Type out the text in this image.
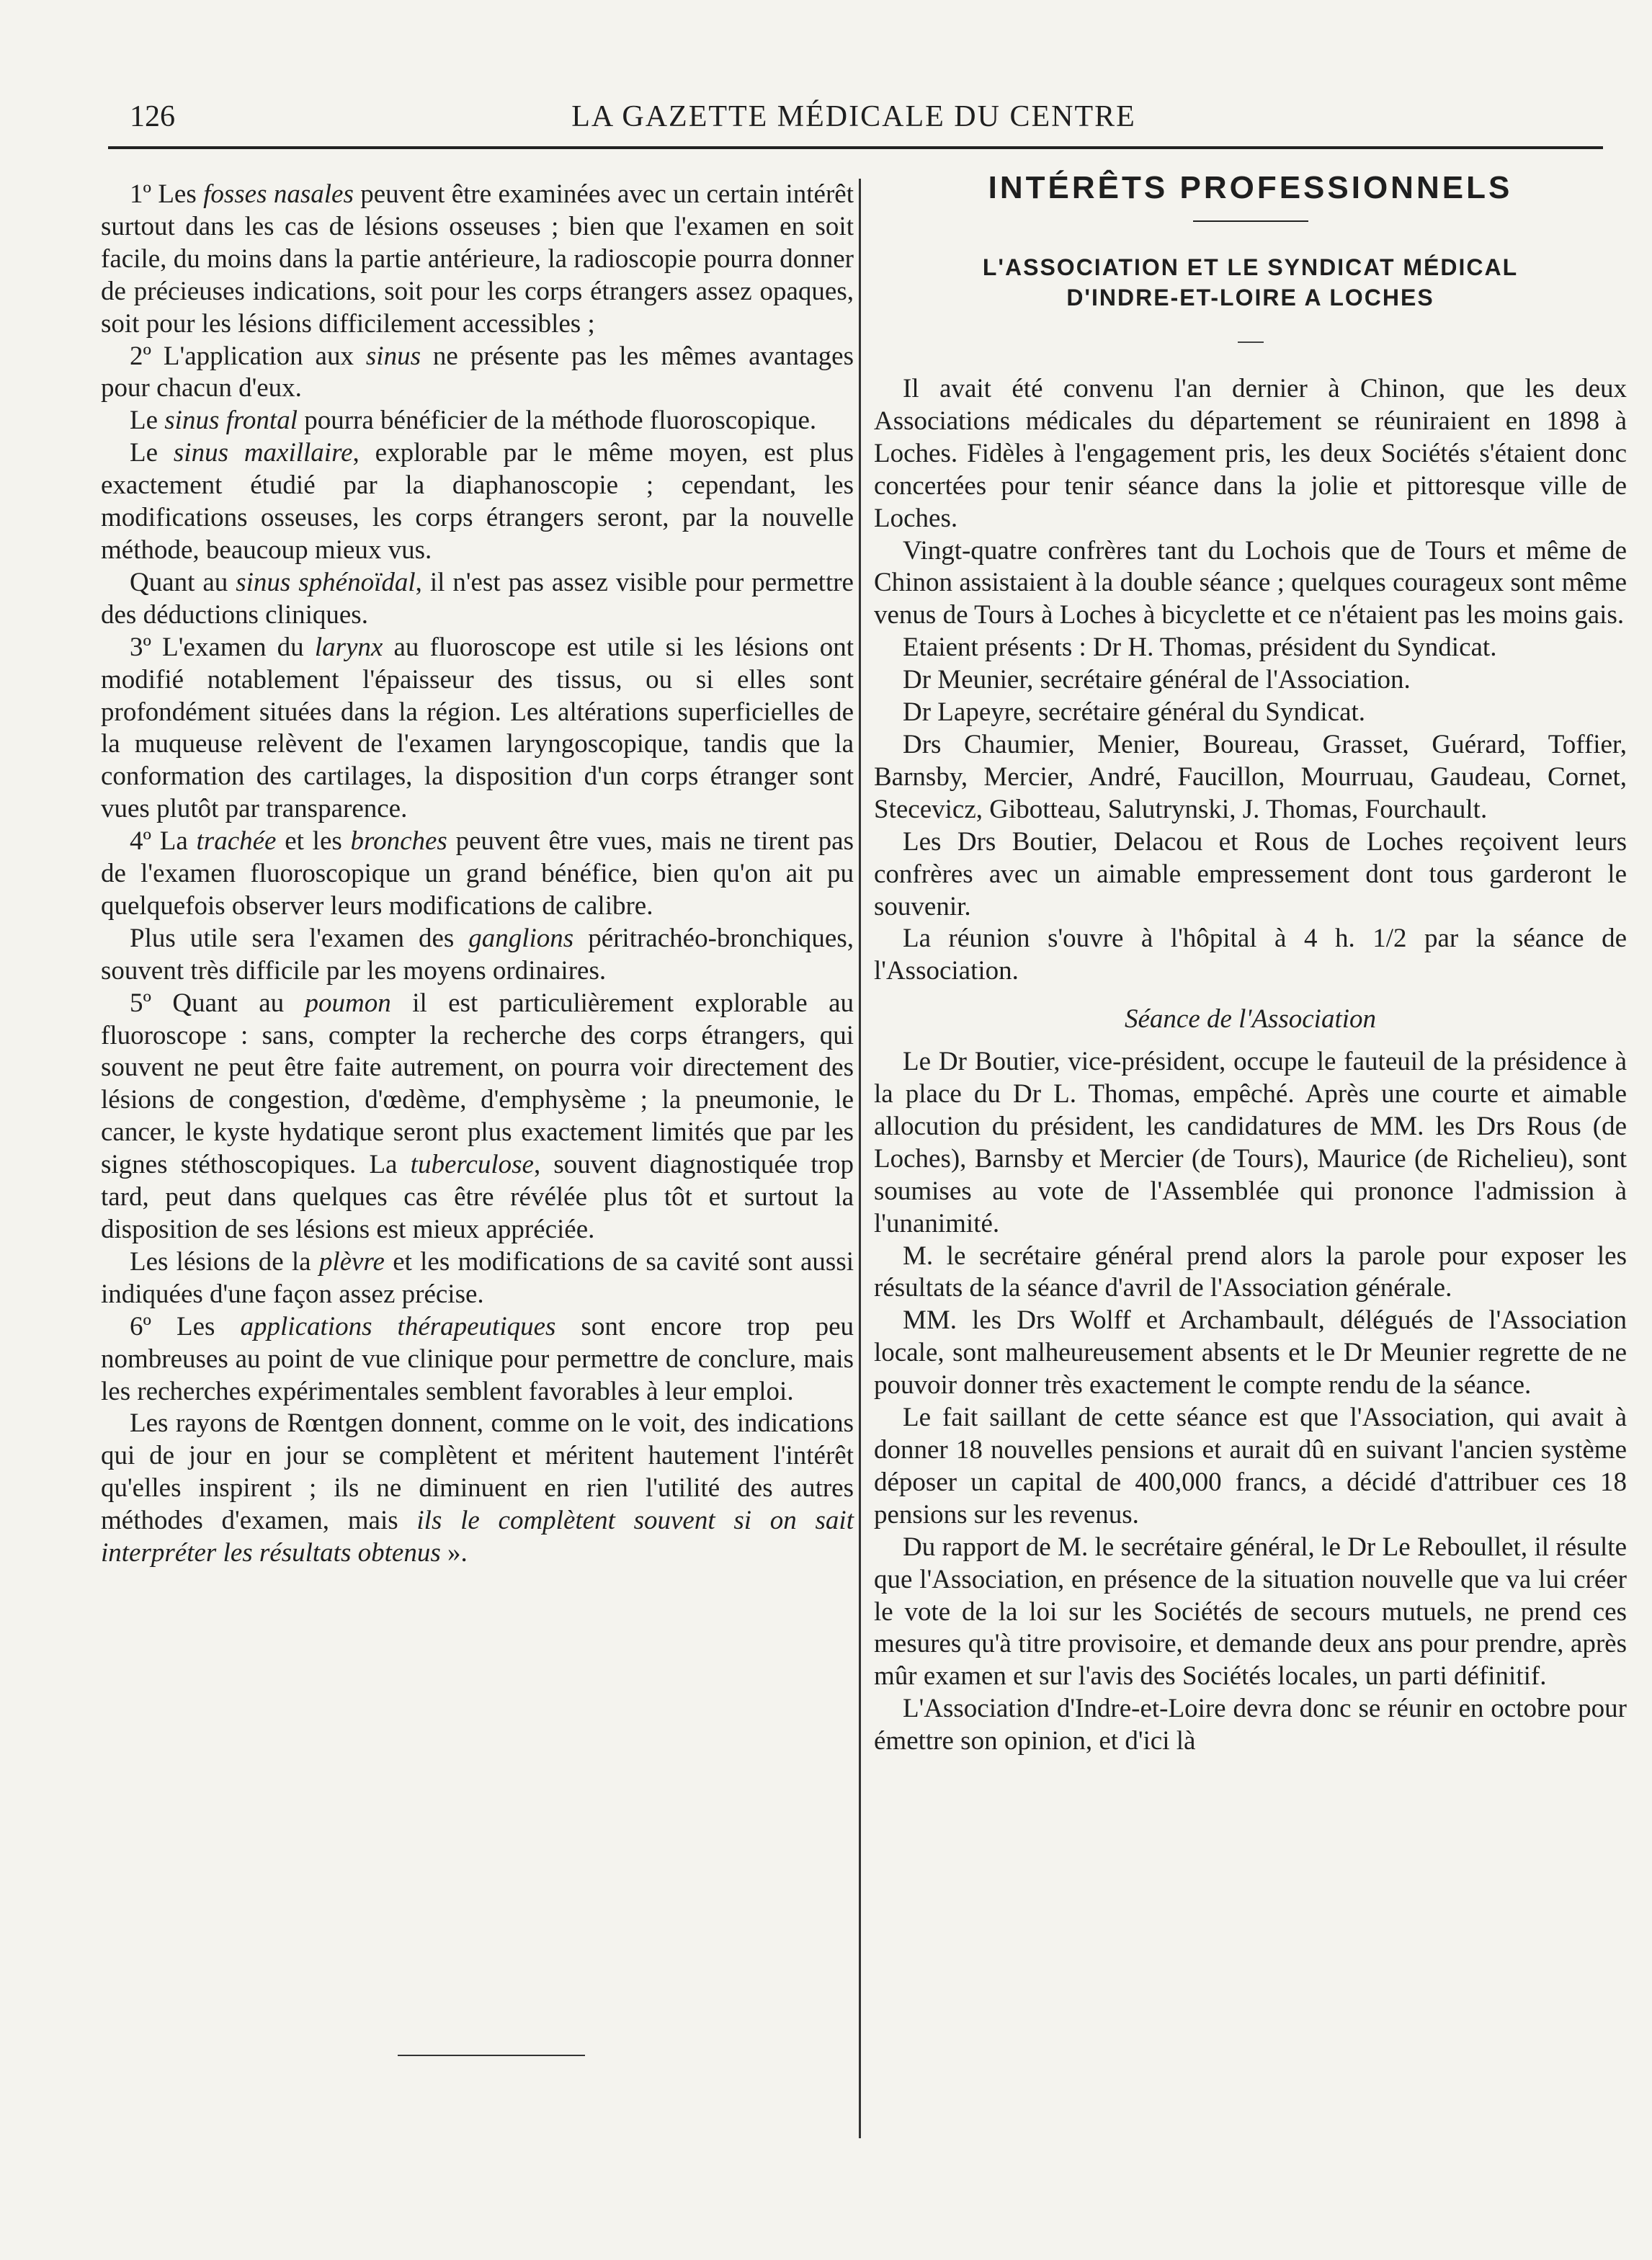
126	LA GAZETTE MÉDICALE DU CENTRE

1º Les fosses nasales peuvent être examinées avec un certain intérêt surtout dans les cas de lésions osseuses ; bien que l'examen en soit facile, du moins dans la partie antérieure, la radioscopie pourra donner de précieuses indications, soit pour les corps étrangers assez opaques, soit pour les lésions difficilement accessibles ;

2º L'application aux sinus ne présente pas les mêmes avantages pour chacun d'eux.

Le sinus frontal pourra bénéficier de la méthode fluoroscopique.

Le sinus maxillaire, explorable par le même moyen, est plus exactement étudié par la diaphanoscopie ; cependant, les modifications osseuses, les corps étrangers seront, par la nouvelle méthode, beaucoup mieux vus.

Quant au sinus sphénoïdal, il n'est pas assez visible pour permettre des déductions cliniques.

3º L'examen du larynx au fluoroscope est utile si les lésions ont modifié notablement l'épaisseur des tissus, ou si elles sont profondément situées dans la région. Les altérations superficielles de la muqueuse relèvent de l'examen laryngoscopique, tandis que la conformation des cartilages, la disposition d'un corps étranger sont vues plutôt par transparence.

4º La trachée et les bronches peuvent être vues, mais ne tirent pas de l'examen fluoroscopique un grand bénéfice, bien qu'on ait pu quelquefois observer leurs modifications de calibre.

Plus utile sera l'examen des ganglions péritrachéo-bronchiques, souvent très difficile par les moyens ordinaires.

5º Quant au poumon il est particulièrement explorable au fluoroscope : sans, compter la recherche des corps étrangers, qui souvent ne peut être faite autrement, on pourra voir directement des lésions de congestion, d'œdème, d'emphysème ; la pneumonie, le cancer, le kyste hydatique seront plus exactement limités que par les signes stéthoscopiques. La tuberculose, souvent diagnostiquée trop tard, peut dans quelques cas être révélée plus tôt et surtout la disposition de ses lésions est mieux appréciée.

Les lésions de la plèvre et les modifications de sa cavité sont aussi indiquées d'une façon assez précise.

6º Les applications thérapeutiques sont encore trop peu nombreuses au point de vue clinique pour permettre de conclure, mais les recherches expérimentales semblent favorables à leur emploi.

Les rayons de Rœntgen donnent, comme on le voit, des indications qui de jour en jour se complètent et méritent hautement l'intérêt qu'elles inspirent ; ils ne diminuent en rien l'utilité des autres méthodes d'examen, mais ils le complètent souvent si on sait interpréter les résultats obtenus ».

INTÉRÊTS PROFESSIONNELS
L'ASSOCIATION ET LE SYNDICAT MÉDICAL
D'INDRE-ET-LOIRE A LOCHES

Il avait été convenu l'an dernier à Chinon, que les deux Associations médicales du département se réuniraient en 1898 à Loches. Fidèles à l'engagement pris, les deux Sociétés s'étaient donc concertées pour tenir séance dans la jolie et pittoresque ville de Loches.

Vingt-quatre confrères tant du Lochois que de Tours et même de Chinon assistaient à la double séance ; quelques courageux sont même venus de Tours à Loches à bicyclette et ce n'étaient pas les moins gais.

Etaient présents : Dr H. Thomas, président du Syndicat.

Dr Meunier, secrétaire général de l'Association.

Dr Lapeyre, secrétaire général du Syndicat.

Drs Chaumier, Menier, Boureau, Grasset, Guérard, Toffier, Barnsby, Mercier, André, Faucillon, Mourruau, Gaudeau, Cornet, Stecevicz, Gibotteau, Salutrynski, J. Thomas, Fourchault.

Les Drs Boutier, Delacou et Rous de Loches reçoivent leurs confrères avec un aimable empressement dont tous garderont le souvenir.

La réunion s'ouvre à l'hôpital à 4 h. 1/2 par la séance de l'Association.

Séance de l'Association

Le Dr Boutier, vice-président, occupe le fauteuil de la présidence à la place du Dr L. Thomas, empêché. Après une courte et aimable allocution du président, les candidatures de MM. les Drs Rous (de Loches), Barnsby et Mercier (de Tours), Maurice (de Richelieu), sont soumises au vote de l'Assemblée qui prononce l'admission à l'unanimité.

M. le secrétaire général prend alors la parole pour exposer les résultats de la séance d'avril de l'Association générale.

MM. les Drs Wolff et Archambault, délégués de l'Association locale, sont malheureusement absents et le Dr Meunier regrette de ne pouvoir donner très exactement le compte rendu de la séance.

Le fait saillant de cette séance est que l'Association, qui avait à donner 18 nouvelles pensions et aurait dû en suivant l'ancien système déposer un capital de 400,000 francs, a décidé d'attribuer ces 18 pensions sur les revenus.

Du rapport de M. le secrétaire général, le Dr Le Reboullet, il résulte que l'Association, en présence de la situation nouvelle que va lui créer le vote de la loi sur les Sociétés de secours mutuels, ne prend ces mesures qu'à titre provisoire, et demande deux ans pour prendre, après mûr examen et sur l'avis des Sociétés locales, un parti définitif.

L'Association d'Indre-et-Loire devra donc se réunir en octobre pour émettre son opinion, et d'ici là
